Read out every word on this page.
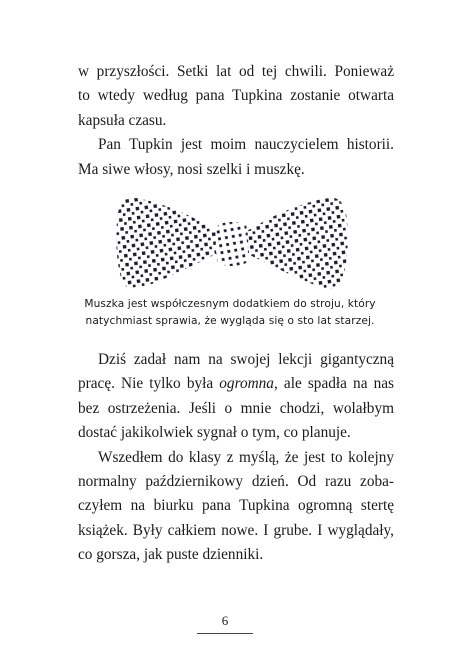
w przyszłości. Setki lat od tej chwili. Ponieważ
to wtedy według pana Tupkina zostanie otwarta
kapsuła czasu.
Pan Tupkin jest moim nauczycielem historii.
Ma siwe włosy, nosi szelki i muszkę.
Muszka jest współczesnym dodatkiem do stroju, który
natychmiast sprawia, że wygląda się o sto lat starzej.
Dziś zadał nam na swojej lekcji gigantyczną
pracę. Nie tylko była ogromna, ale spadła na nas
bez ostrzeżenia. Jeśli o mnie chodzi, wolałbym
dostać jakikolwiek sygnał o tym, co planuje.
Wszedłem do klasy z myślą, że jest to kolejny
normalny październikowy dzień. Od razu zoba-
czyłem na biurku pana Tupkina ogromną stertę
książek. Były całkiem nowe. I grube. I wyglądały,
co gorsza, jak puste dzienniki.
6
